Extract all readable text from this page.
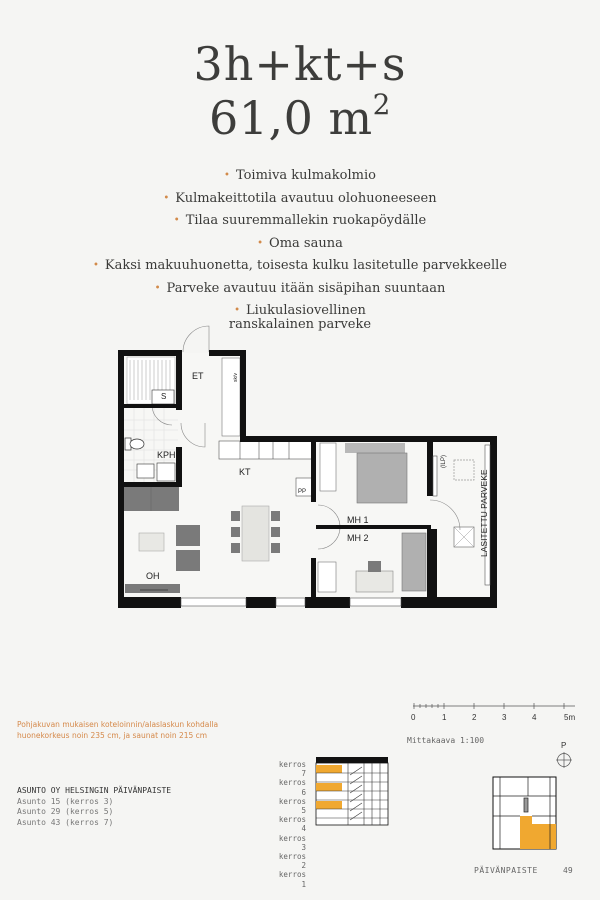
3h+kt+s
61,0 $m^2$
• Toimiva kulmakolmio
• Kulmakeittotila avautuu olohuoneeseen
• Tilaa suuremmallekin ruokapöydälle
• Oma sauna
• Kaksi makuuhuonetta, toisesta kulku lasitetulle parvekkeelle
• Parveke avautuu itään sisäpihan suuntaan
• Liukulasiovellinen
ranskalainen parveke
ET
S
KPH
KT
OH
MH 1
MH 2
PP
(ILP)
LASITETTU PARVEKE
sk/v
Pohjakuvan mukaisen koteloinnin/alaslaskun kohdalla
huonekorkeus noin 235 cm, ja saunat noin 215 cm
ASUNTO OY HELSINGIN PÄIVÄNPAISTE
Asunto 15 (kerros 3)
Asunto 29 (kerros 5)
Asunto 43 (kerros 7)
0	1	2	3	4	5m
Mittakaava 1:100
P
kerros 7
kerros 6
kerros 5
kerros 4
kerros 3
kerros 2
kerros 1
PÄIVÄNPAISTE	49
